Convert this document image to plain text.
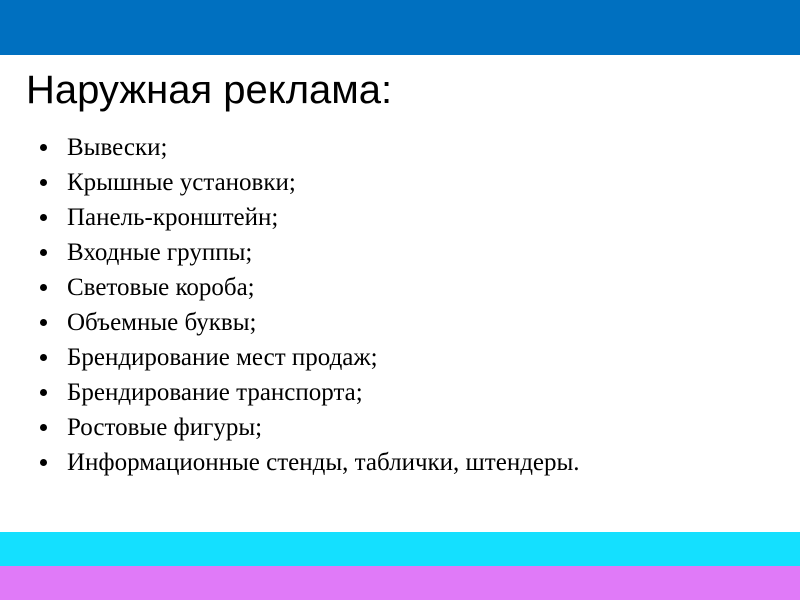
Наружная реклама:
Вывески;
Крышные установки;
Панель-кронштейн;
Входные группы;
Световые короба;
Объемные буквы;
Брендирование мест продаж;
Брендирование транспорта;
Ростовые фигуры;
Информационные стенды, таблички, штендеры.
